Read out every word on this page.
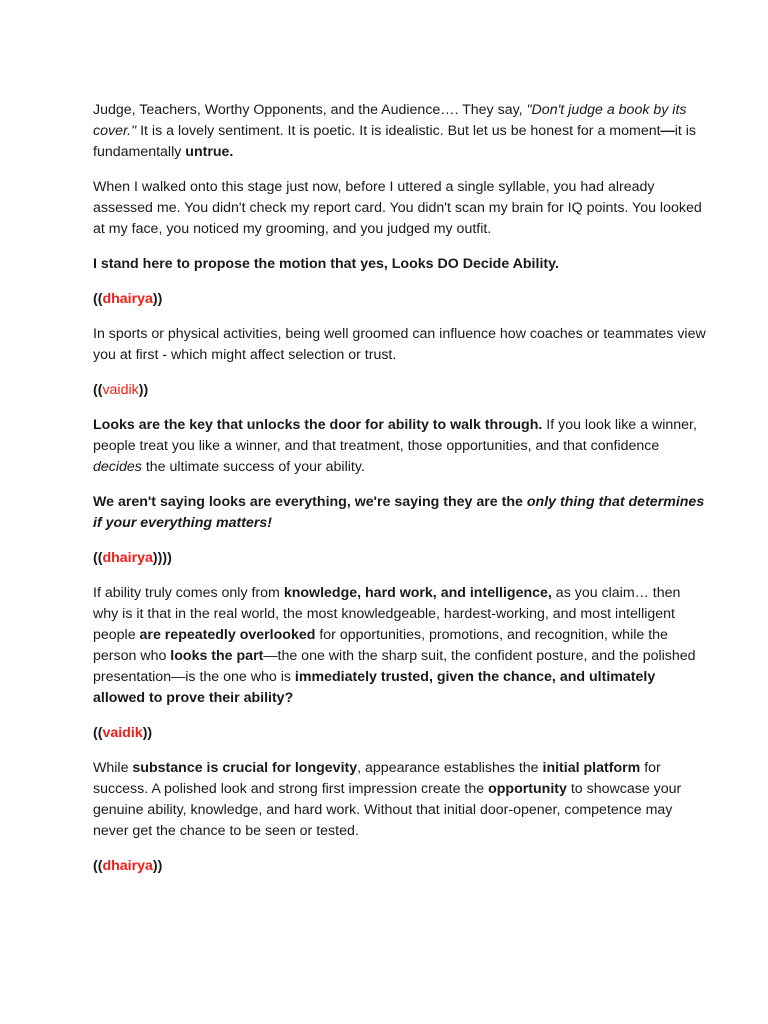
Judge, Teachers, Worthy Opponents, and the Audience…. They say, "Don't judge a book by its cover." It is a lovely sentiment. It is poetic. It is idealistic. But let us be honest for a moment—it is fundamentally untrue.

When I walked onto this stage just now, before I uttered a single syllable, you had already assessed me. You didn't check my report card. You didn't scan my brain for IQ points. You looked at my face, you noticed my grooming, and you judged my outfit.

I stand here to propose the motion that yes, Looks DO Decide Ability.

((dhairya))

In sports or physical activities, being well groomed can influence how coaches or teammates view you at first - which might affect selection or trust.

((vaidik))

Looks are the key that unlocks the door for ability to walk through. If you look like a winner, people treat you like a winner, and that treatment, those opportunities, and that confidence decides the ultimate success of your ability.

We aren't saying looks are everything, we're saying they are the only thing that determines if your everything matters!

((dhairya))))

If ability truly comes only from knowledge, hard work, and intelligence, as you claim… then why is it that in the real world, the most knowledgeable, hardest-working, and most intelligent people are repeatedly overlooked for opportunities, promotions, and recognition, while the person who looks the part—the one with the sharp suit, the confident posture, and the polished presentation—is the one who is immediately trusted, given the chance, and ultimately allowed to prove their ability?

((vaidik))

While substance is crucial for longevity, appearance establishes the initial platform for success. A polished look and strong first impression create the opportunity to showcase your genuine ability, knowledge, and hard work. Without that initial door-opener, competence may never get the chance to be seen or tested.

((dhairya))
